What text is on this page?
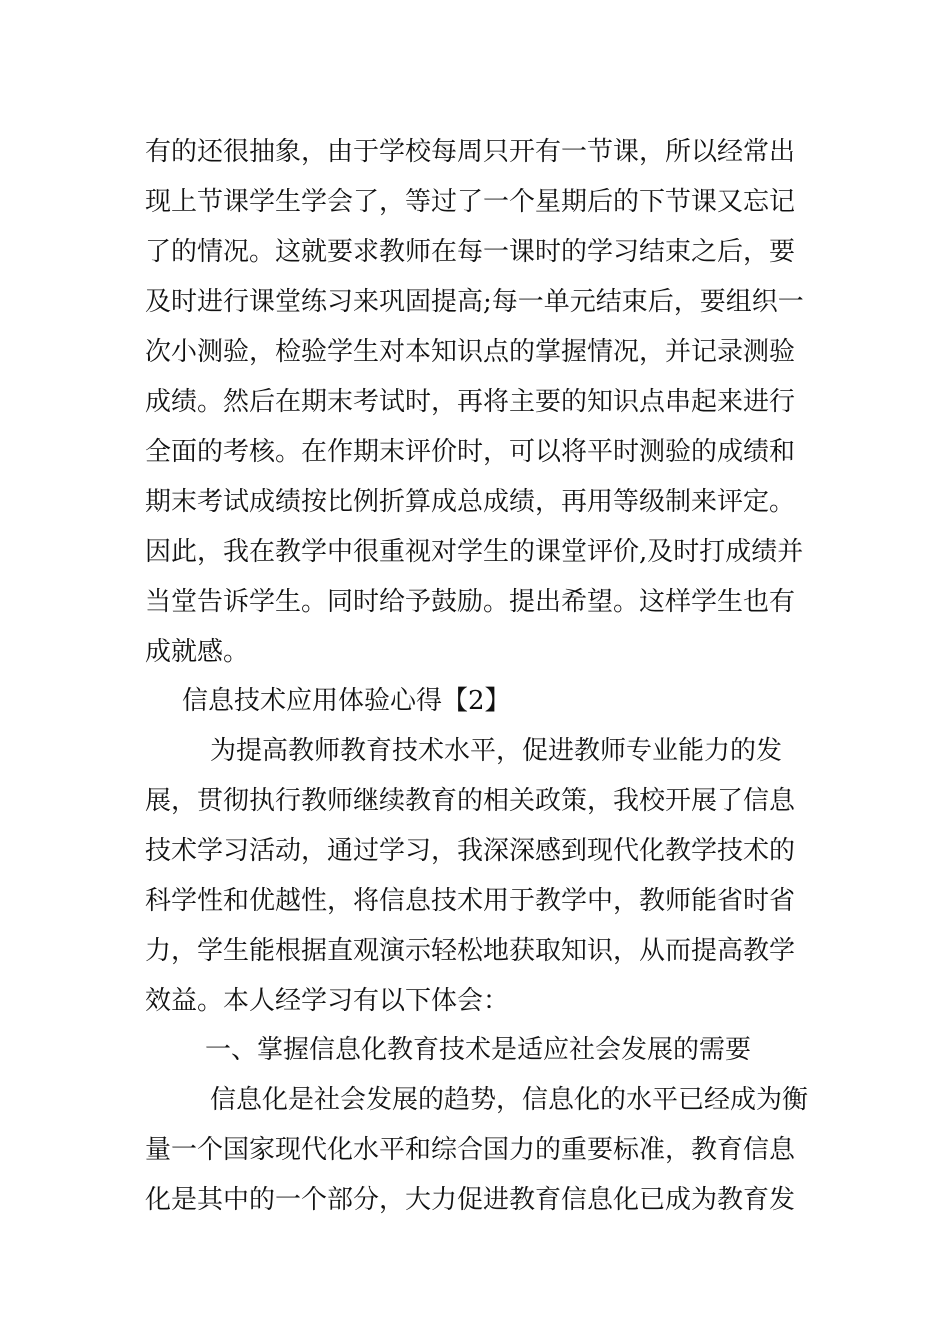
有的还很抽象，由于学校每周只开有一节课，所以经常出
现上节课学生学会了，等过了一个星期后的下节课又忘记
了的情况。这就要求教师在每一课时的学习结束之后，要
及时进行课堂练习来巩固提高;每一单元结束后，要组织一
次小测验，检验学生对本知识点的掌握情况，并记录测验
成绩。然后在期末考试时，再将主要的知识点串起来进行
全面的考核。在作期末评价时，可以将平时测验的成绩和
期末考试成绩按比例折算成总成绩，再用等级制来评定。
因此，我在教学中很重视对学生的课堂评价,及时打成绩并
当堂告诉学生。同时给予鼓励。提出希望。这样学生也有
成就感。
信息技术应用体验心得【2】
为提高教师教育技术水平，促进教师专业能力的发
展，贯彻执行教师继续教育的相关政策，我校开展了信息
技术学习活动，通过学习，我深深感到现代化教学技术的
科学性和优越性，将信息技术用于教学中，教师能省时省
力，学生能根据直观演示轻松地获取知识，从而提高教学
效益。本人经学习有以下体会：
一、掌握信息化教育技术是适应社会发展的需要
信息化是社会发展的趋势，信息化的水平已经成为衡
量一个国家现代化水平和综合国力的重要标准，教育信息
化是其中的一个部分，大力促进教育信息化已成为教育发
